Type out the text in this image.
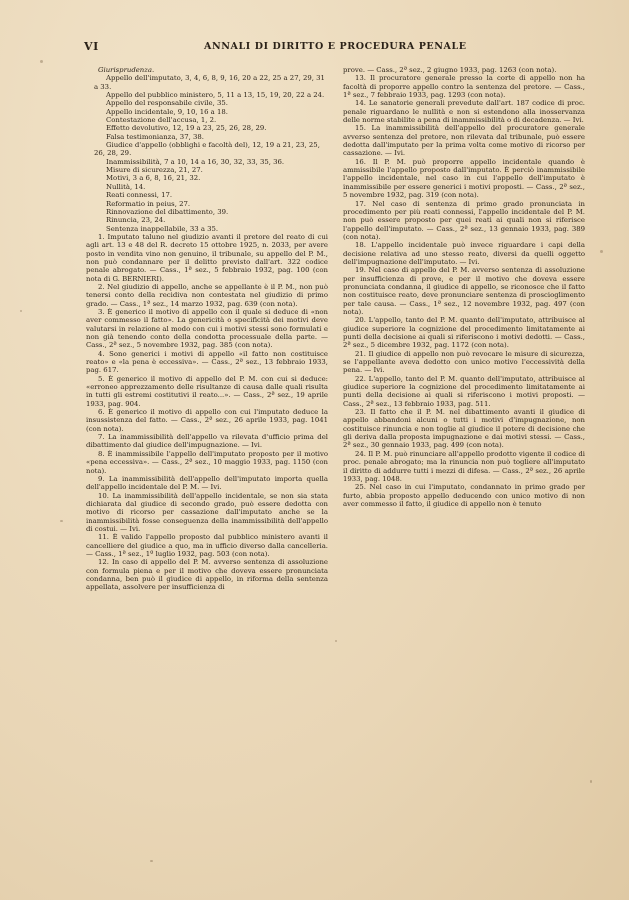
VI	ANNALI DI DIRITTO E PROCEDURA PENALE

Giurisprudenza.

Appello dell'imputato, 3, 4, 6, 8, 9, 16, 20 a 22, 25 a 27, 29, 31 a 33.

Appello del pubblico ministero, 5, 11 a 13, 15, 19, 20, 22 a 24.

Appello del responsabile civile, 35.

Appello incidentale, 9, 10, 16 a 18.

Contestazione dell'accusa, 1, 2.

Effetto devolutivo, 12, 19 a 23, 25, 26, 28, 29.

Falsa testimonianza, 37, 38.

Giudice d'appello (obblighi e facoltà del), 12, 19 a 21, 23, 25, 26, 28, 29.

Inammissibilità, 7 a 10, 14 a 16, 30, 32, 33, 35, 36.

Misure di sicurezza, 21, 27.

Motivi, 3 a 6, 8, 16, 21, 32.

Nullità, 14.

Reati connessi, 17.

Reformatio in peius, 27.

Rinnovazione del dibattimento, 39.

Rinuncia, 23, 24.

Sentenza inappellabile, 33 a 35.

1. Imputato taluno nel giudizio avanti il pretore del reato di cui agli art. 13 e 48 del R. decreto 15 ottobre 1925, n. 2033, per avere posto in vendita vino non genuino, il tribunale, su appello del P. M., non può condannare per il delitto previsto dall'art. 322 codice penale abrogato. — Cass., 1ª sez., 5 febbraio 1932, pag. 100 (con nota di G. BERNIERI).

2. Nel giudizio di appello, anche se appellante è il P. M., non può tenersi conto della recidiva non contestata nel giudizio di primo grado. — Cass., 1ª sez., 14 marzo 1932, pag. 639 (con nota).

3. È generico il motivo di appello con il quale si deduce di «non aver commesso il fatto». La genericità o specificità dei motivi deve valutarsi in relazione al modo con cui i motivi stessi sono formulati e non già tenendo conto della condotta processuale della parte. — Cass., 2ª sez., 5 novembre 1932, pag. 385 (con nota).

4. Sono generici i motivi di appello «il fatto non costituisce reato» e «la pena è eccessiva». — Cass., 2ª sez., 13 febbraio 1933, pag. 617.

5. È generico il motivo di appello del P. M. con cui si deduce: «erroneo apprezzamento delle risultanze di causa dalle quali risulta in tutti gli estremi costitutivi il reato...». — Cass., 2ª sez., 19 aprile 1933, pag. 904.

6. È generico il motivo di appello con cui l'imputato deduce la insussistenza del fatto. — Cass., 2ª sez., 26 aprile 1933, pag. 1041 (con nota).

7. La inammissibilità dell'appello va rilevata d'ufficio prima del dibattimento dal giudice dell'impugnazione. — Ivi.

8. È inammissibile l'appello dell'imputato proposto per il motivo «pena eccessiva». — Cass., 2ª sez., 10 maggio 1933, pag. 1150 (con nota).

9. La inammissibilità dell'appello dell'imputato importa quella dell'appello incidentale del P. M. — Ivi.

10. La inammissibilità dell'appello incidentale, se non sia stata dichiarata dal giudice di secondo grado, può essere dedotta con motivo di ricorso per cassazione dall'imputato anche se la inammissibilità fosse conseguenza della inammissibilità dell'appello di costui. — Ivi.

11. È valido l'appello proposto dal pubblico ministero avanti il cancelliere del giudice a quo, ma in ufficio diverso dalla cancelleria. — Cass., 1ª sez., 1º luglio 1932, pag. 503 (con nota).

12. In caso di appello del P. M. avverso sentenza di assoluzione con formula piena e per il motivo che doveva essere pronunciata condanna, ben può il giudice di appello, in riforma della sentenza appellata, assolvere per insufficienza di

prove. — Cass., 2ª sez., 2 giugno 1933, pag. 1263 (con nota).

13. Il procuratore generale presso la corte di appello non ha facoltà di proporre appello contro la sentenza del pretore. — Cass., 1ª sez., 7 febbraio 1933, pag. 1293 (con nota).

14. Le sanatorie generali prevedute dall'art. 187 codice di proc. penale riguardano le nullità e non si estendono alla inosservanza delle norme stabilite a pena di inammissibilità o di decadenza. — Ivi.

15. La inammissibilità dell'appello del procuratore generale avverso sentenza del pretore, non rilevata dal tribunale, può essere dedotta dall'imputato per la prima volta come motivo di ricorso per cassazione. — Ivi.

16. Il P. M. può proporre appello incidentale quando è ammissibile l'appello proposto dall'imputato. È perciò inammissibile l'appello incidentale, nel caso in cui l'appello dell'imputato è inammissibile per essere generici i motivi proposti. — Cass., 2ª sez., 5 novembre 1932, pag. 319 (con nota).

17. Nel caso di sentenza di primo grado pronunciata in procedimento per più reati connessi, l'appello incidentale del P. M. non può essere proposto per quei reati ai quali non si riferisce l'appello dell'imputato. — Cass., 2ª sez., 13 gennaio 1933, pag. 389 (con nota).

18. L'appello incidentale può invece riguardare i capi della decisione relativa ad uno stesso reato, diversi da quelli oggetto dell'impugnazione dell'imputato. — Ivi.

19. Nel caso di appello del P. M. avverso sentenza di assoluzione per insufficienza di prove, e per il motivo che doveva essere pronunciata condanna, il giudice di appello, se riconosce che il fatto non costituisce reato, deve pronunciare sentenza di proscioglimento per tale causa. — Cass., 1ª sez., 12 novembre 1932, pag. 497 (con nota).

20. L'appello, tanto del P. M. quanto dell'imputato, attribuisce al giudice superiore la cognizione del procedimento limitatamente ai punti della decisione ai quali si riferiscono i motivi dedotti. — Cass., 2ª sez., 5 dicembre 1932, pag. 1172 (con nota).

21. Il giudice di appello non può revocare le misure di sicurezza, se l'appellante aveva dedotto con unico motivo l'eccessività della pena. — Ivi.

22. L'appello, tanto del P. M. quanto dell'imputato, attribuisce al giudice superiore la cognizione del procedimento limitatamente ai punti della decisione ai quali si riferiscono i motivi proposti. — Cass., 2ª sez., 13 febbraio 1933, pag. 511.

23. Il fatto che il P. M. nel dibattimento avanti il giudice di appello abbandoni alcuni o tutti i motivi d'impugnazione, non costituisce rinuncia e non toglie al giudice il potere di decisione che gli deriva dalla proposta impugnazione e dai motivi stessi. — Cass., 2ª sez., 30 gennaio 1933, pag. 499 (con nota).

24. Il P. M. può rinunciare all'appello prodotto vigente il codice di proc. penale abrogato; ma la rinuncia non può togliere all'imputato il diritto di addurre tutti i mezzi di difesa. — Cass., 2ª sez., 26 aprile 1933, pag. 1048.

25. Nel caso in cui l'imputato, condannato in primo grado per furto, abbia proposto appello deducendo con unico motivo di non aver commesso il fatto, il giudice di appello non è tenuto
